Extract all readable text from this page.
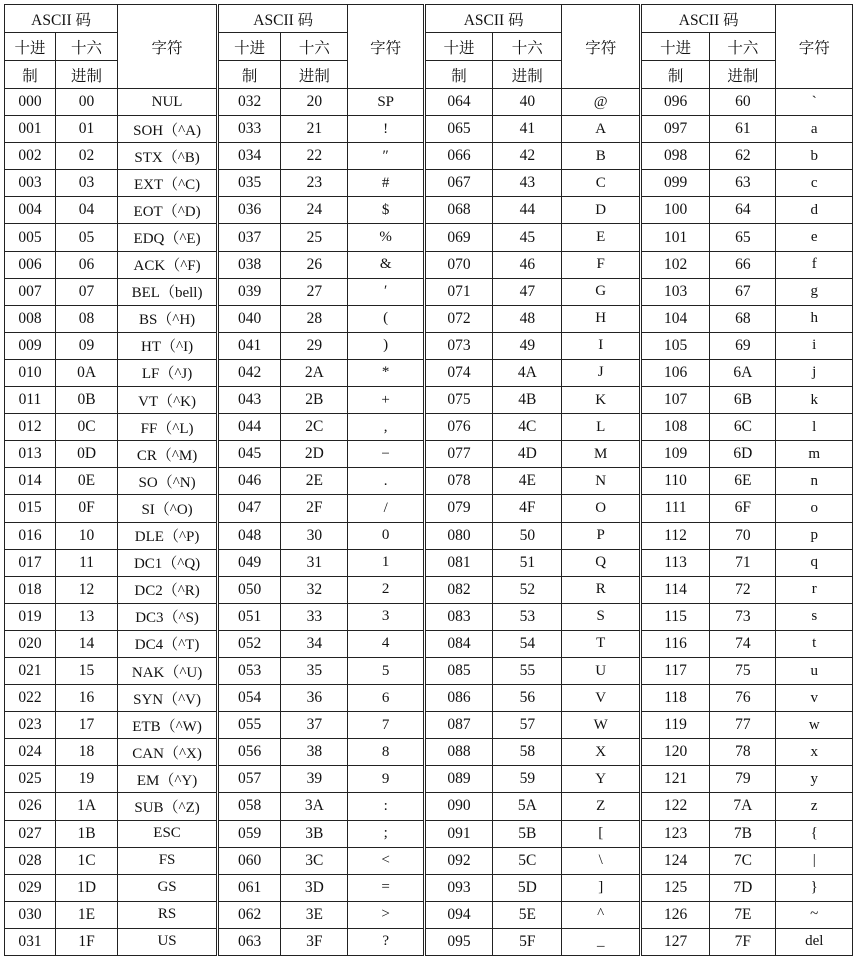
ASCII 码		字符	ASCII 码		字符	ASCII 码		字符	ASCII 码		字符
十进	十六		十进	十六		十进	十六		十进	十六	
制	进制		制	进制		制	进制		制	进制	
000	00	NUL	032	20	SP	064	40	@	096	60	`
001	01	SOH（^A)	033	21	!	065	41	A	097	61	a
002	02	STX（^B)	034	22	″	066	42	B	098	62	b
003	03	EXT（^C)	035	23	#	067	43	C	099	63	c
004	04	EOT（^D)	036	24	$	068	44	D	100	64	d
005	05	EDQ（^E)	037	25	%	069	45	E	101	65	e
006	06	ACK（^F)	038	26	&	070	46	F	102	66	f
007	07	BEL（bell)	039	27	′	071	47	G	103	67	g
008	08	BS（^H)	040	28	(	072	48	H	104	68	h
009	09	HT（^I)	041	29	)	073	49	I	105	69	i
010	0A	LF（^J)	042	2A	*	074	4A	J	106	6A	j
011	0B	VT（^K)	043	2B	+	075	4B	K	107	6B	k
012	0C	FF（^L)	044	2C	,	076	4C	L	108	6C	l
013	0D	CR（^M)	045	2D	−	077	4D	M	109	6D	m
014	0E	SO（^N)	046	2E	.	078	4E	N	110	6E	n
015	0F	SI（^O)	047	2F	/	079	4F	O	111	6F	o
016	10	DLE（^P)	048	30	0	080	50	P	112	70	p
017	11	DC1（^Q)	049	31	1	081	51	Q	113	71	q
018	12	DC2（^R)	050	32	2	082	52	R	114	72	r
019	13	DC3（^S)	051	33	3	083	53	S	115	73	s
020	14	DC4（^T)	052	34	4	084	54	T	116	74	t
021	15	NAK（^U)	053	35	5	085	55	U	117	75	u
022	16	SYN（^V)	054	36	6	086	56	V	118	76	v
023	17	ETB（^W)	055	37	7	087	57	W	119	77	w
024	18	CAN（^X)	056	38	8	088	58	X	120	78	x
025	19	EM（^Y)	057	39	9	089	59	Y	121	79	y
026	1A	SUB（^Z)	058	3A	:	090	5A	Z	122	7A	z
027	1B	ESC	059	3B	;	091	5B	[	123	7B	{
028	1C	FS	060	3C	<	092	5C	\	124	7C	|
029	1D	GS	061	3D	=	093	5D	]	125	7D	}
030	1E	RS	062	3E	>	094	5E	^	126	7E	~
031	1F	US	063	3F	?	095	5F	_	127	7F	del
